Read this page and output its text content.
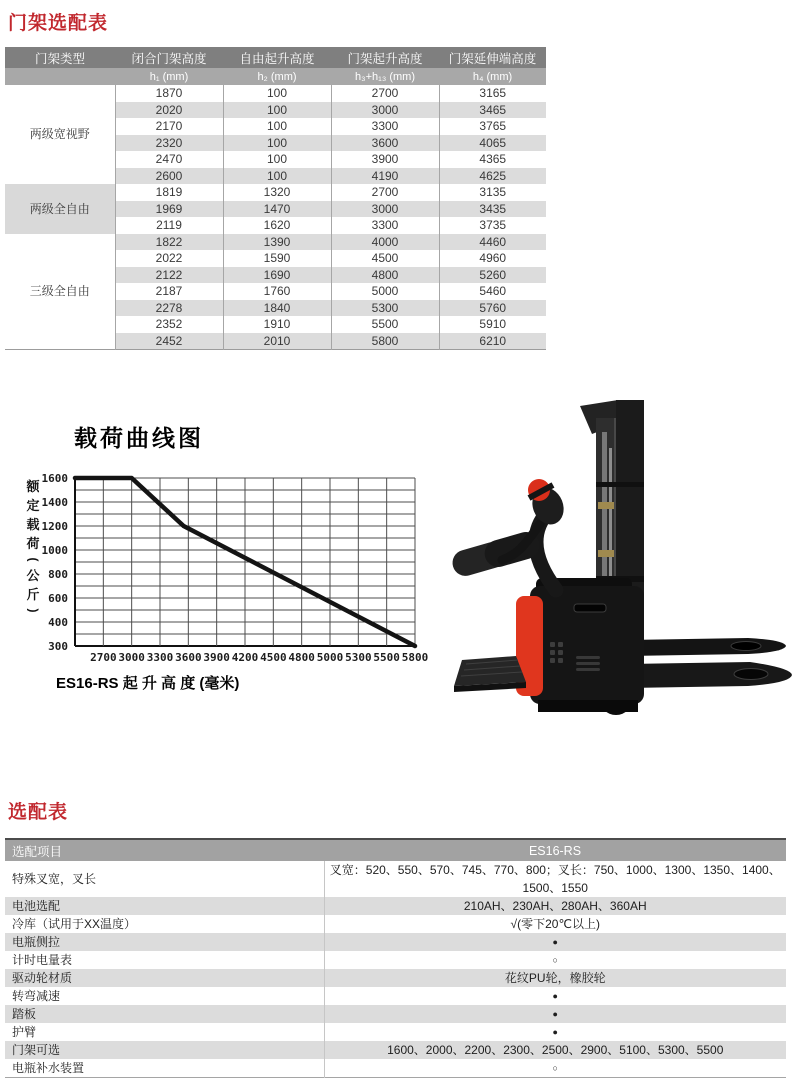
门架选配表
门架类型	闭合门架高度	自由起升高度	门架起升高度	门架延伸端高度
	h₁ (mm)	h₂ (mm)	h₃+h₁₃ (mm)	h₄ (mm)
两级宽视野	1870	100	2700	3165
	2020	100	3000	3465
	2170	100	3300	3765
	2320	100	3600	4065
	2470	100	3900	4365
	2600	100	4190	4625
两级全自由	1819	1320	2700	3135
	1969	1470	3000	3435
	2119	1620	3300	3735
三级全自由	1822	1390	4000	4460
	2022	1590	4500	4960
	2122	1690	4800	5260
	2187	1760	5000	5460
	2278	1840	5300	5760
	2352	1910	5500	5910
	2452	2010	5800	6210
载荷曲线图
1600
1400
1200
1000
800
600
400
300
2700 3000 3300 3600 3900 4200 4500 4800 5000 5300 5500 5800
额
定
载
荷
(
公
斤
)
ES16-RS 起 升 高 度 (毫米)
选配表
选配项目	ES16-RS
特殊叉宽，叉长	叉宽：520、550、570、745、770、800；叉长：750、1000、1300、1350、1400、1500、1550
电池选配	210AH、230AH、280AH、360AH
冷库（试用于XX温度）	√(零下20℃以上)
电瓶侧拉	●
计时电量表	○
驱动轮材质	花纹PU轮，橡胶轮
转弯减速	●
踏板	●
护臂	●
门架可选	1600、2000、2200、2300、2500、2900、5100、5300、5500
电瓶补水装置	○
